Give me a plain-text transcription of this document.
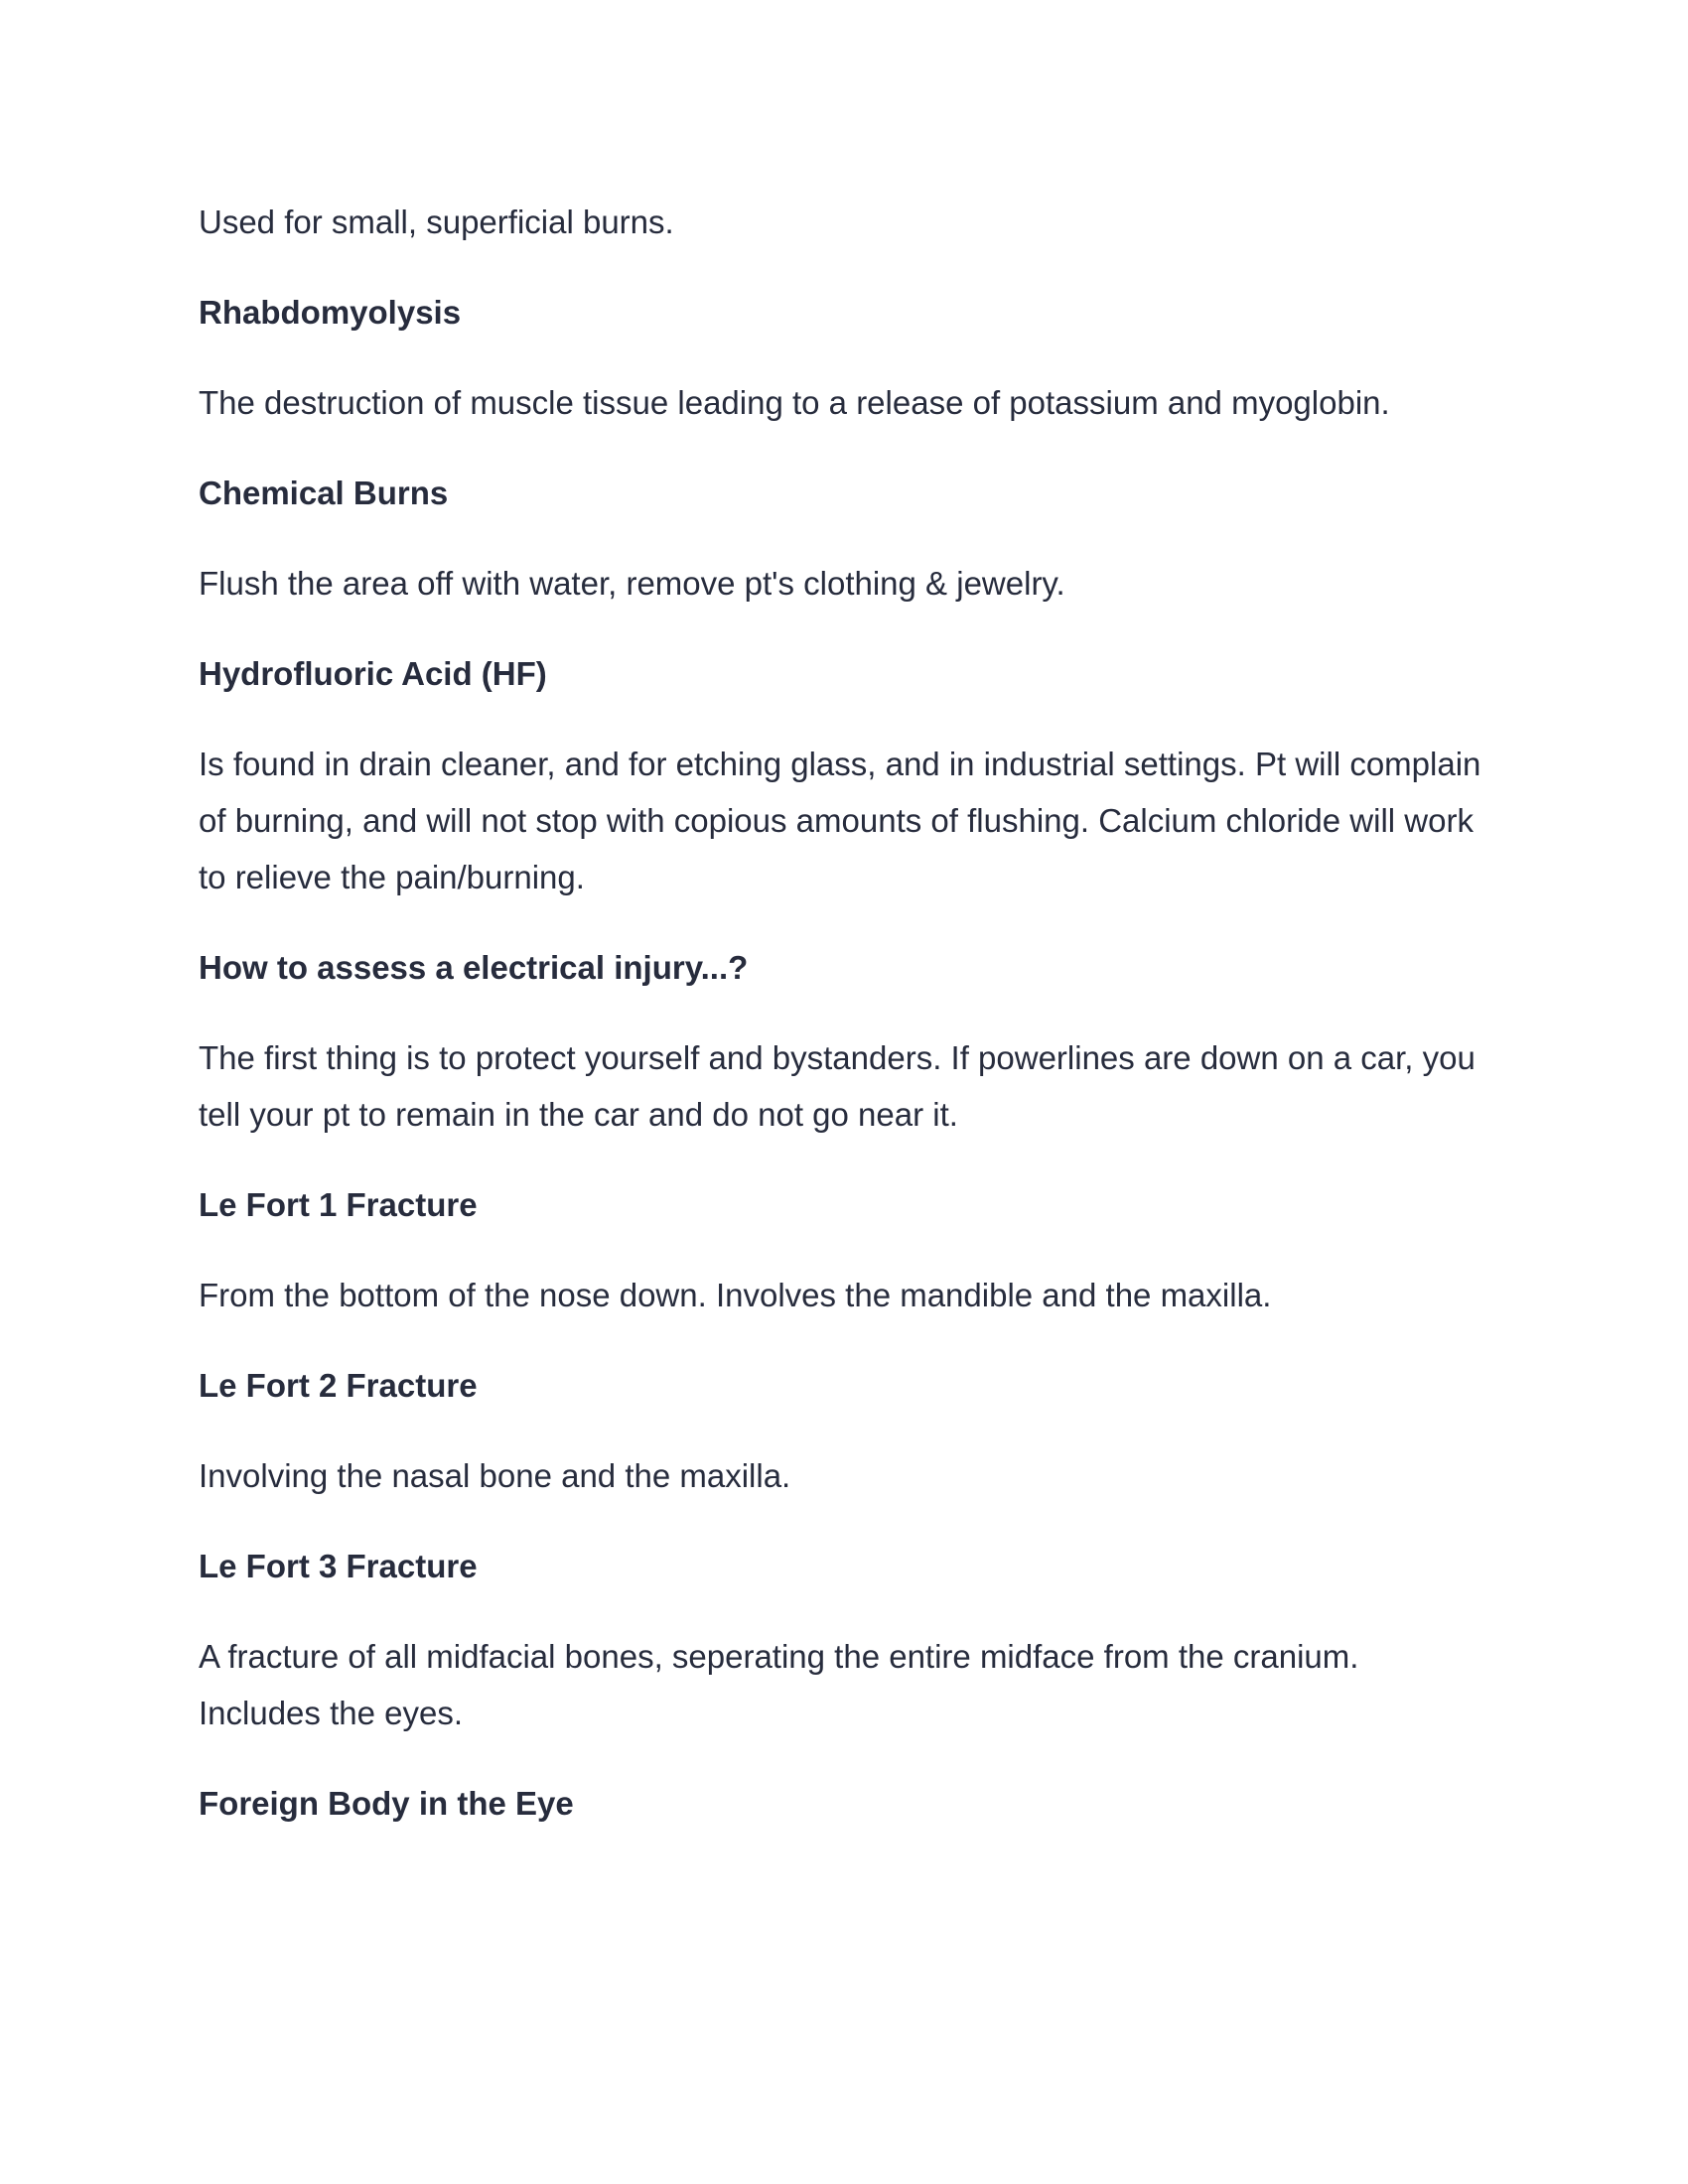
Used for small, superficial burns.

Rhabdomyolysis

The destruction of muscle tissue leading to a release of potassium and myoglobin.

Chemical Burns

Flush the area off with water, remove pt's clothing & jewelry.

Hydrofluoric Acid (HF)

Is found in drain cleaner, and for etching glass, and in industrial settings. Pt will complain of burning, and will not stop with copious amounts of flushing. Calcium chloride will work to relieve the pain/burning.

How to assess a electrical injury...?

The first thing is to protect yourself and bystanders. If powerlines are down on a car, you tell your pt to remain in the car and do not go near it.

Le Fort 1 Fracture

From the bottom of the nose down. Involves the mandible and the maxilla.

Le Fort 2 Fracture

Involving the nasal bone and the maxilla.

Le Fort 3 Fracture

A fracture of all midfacial bones, seperating the entire midface from the cranium. Includes the eyes.

Foreign Body in the Eye
